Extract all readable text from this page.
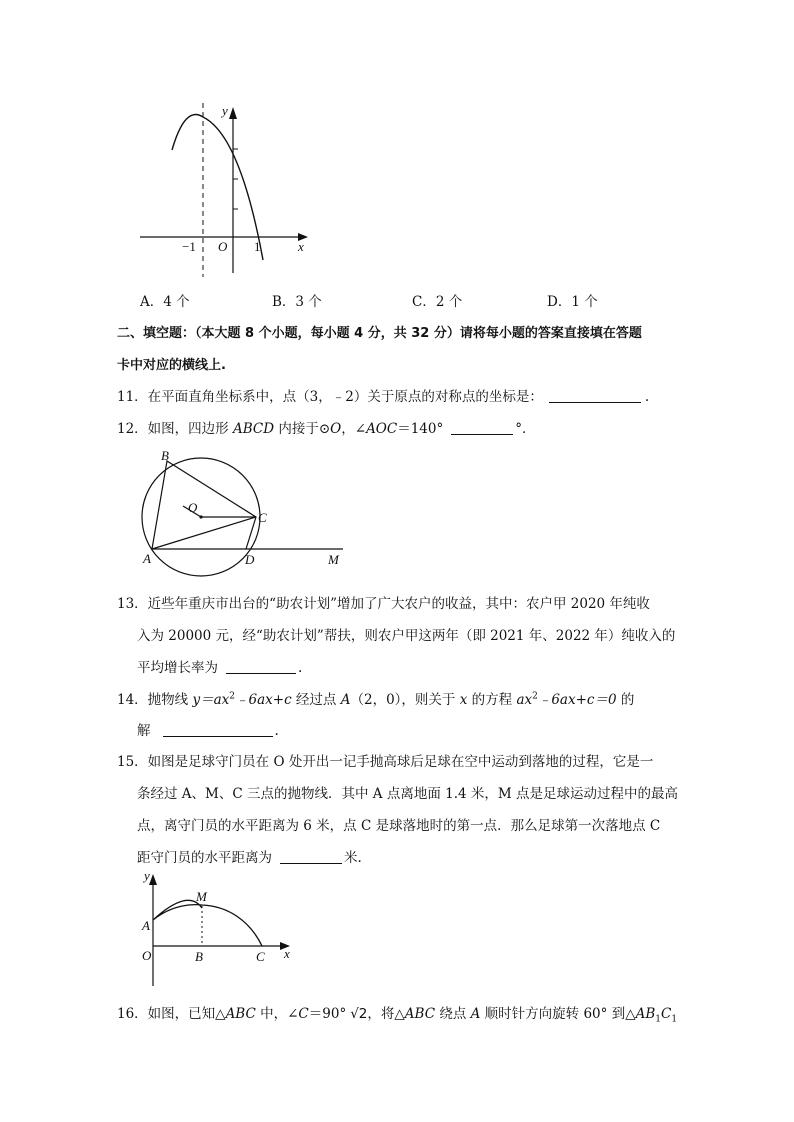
y
x
O
−1	1
A．4 个	B．3 个	C．2 个	D．1 个
二、填空题：（本大题 8 个小题，每小题 4 分，共 32 分）请将每小题的答案直接填在答题
卡中对应的横线上.
11．在平面直角坐标系中，点（3，﹣2）关于原点的对称点的坐标是：	.
12．如图，四边形 ABCD 内接于⊙O，∠AOC＝140°	°．
B
O
C
A	D	M
13．近些年重庆市出台的“助农计划”增加了广大农户的收益，其中：农户甲 2020 年纯收
入为 20000 元，经“助农计划”帮扶，则农户甲这两年（即 2021 年、2022 年）纯收入的
平均增长率为	.
14．抛物线 $y=ax^2﹣6ax+c$ 经过点 A（2，0），则关于 x 的方程 $ax^2﹣6ax+c=0$ 的
解	.
15．如图是足球守门员在 O 处开出一记手抛高球后足球在空中运动到落地的过程，它是一
条经过 A、M、C 三点的抛物线．其中 A 点离地面 1.4 米，M 点是足球运动过程中的最高
点，离守门员的水平距离为 6 米，点 C 是球落地时的第一点．那么足球第一次落地点 C
距守门员的水平距离为	米.
y
M
A
O	B	C x
16．如图，已知△ABC 中，∠C＝90° √2，将△ABC 绕点 A 顺时针方向旋转 60° 到$\triangle AB_1C_1$
